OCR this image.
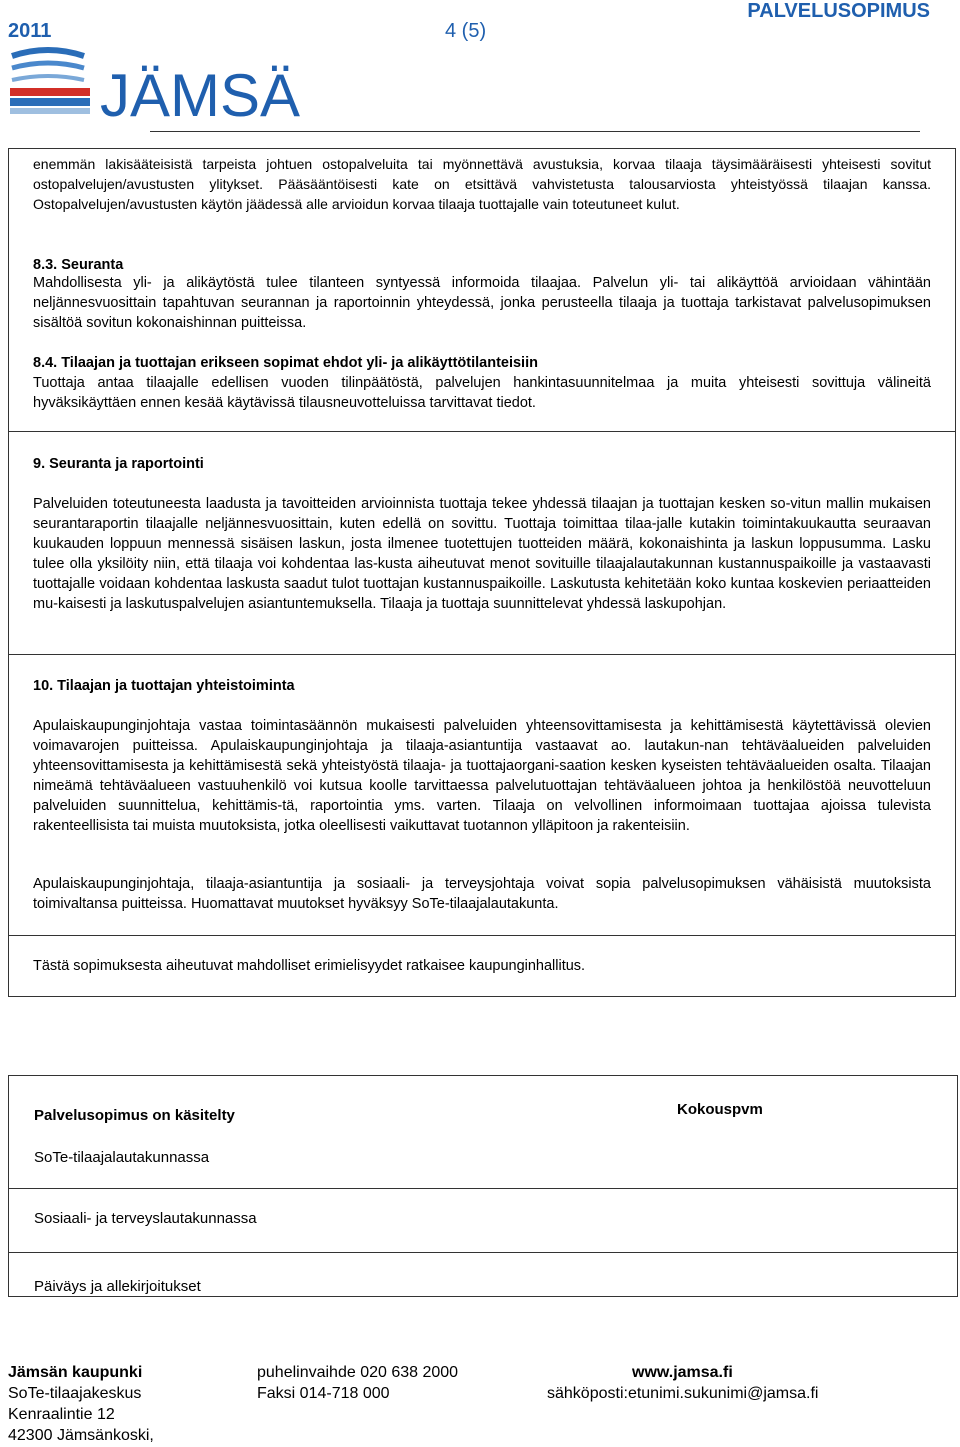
2011	4 (5)
PALVELUSOPIMUS
JÄMSÄ

enemmän lakisääteisistä tarpeista johtuen ostopalveluita tai myönnettävä avustuksia, korvaa tilaaja täysimääräisesti yhteisesti sovitut ostopalvelujen/avustusten ylitykset. Pääsääntöisesti kate on etsittävä vahvistetusta talousarviosta yhteistyössä tilaajan kanssa. Ostopalvelujen/avustusten käytön jäädessä alle arvioidun korvaa tilaaja tuottajalle vain toteutuneet kulut.

8.3. Seuranta

Mahdollisesta yli- ja alikäytöstä tulee tilanteen syntyessä informoida tilaajaa. Palvelun yli- tai alikäyttöä arvioidaan vähintään neljännesvuosittain tapahtuvan seurannan ja raportoinnin yhteydessä, jonka perusteella tilaaja ja tuottaja tarkistavat palvelusopimuksen sisältöä sovitun kokonaishinnan puitteissa.

8.4. Tilaajan ja tuottajan erikseen sopimat ehdot yli- ja alikäyttötilanteisiin

Tuottaja antaa tilaajalle edellisen vuoden tilinpäätöstä, palvelujen hankintasuunnitelmaa ja muita yhteisesti sovittuja välineitä hyväksikäyttäen ennen kesää käytävissä tilausneuvotteluissa tarvittavat tiedot.

9. Seuranta ja raportointi

Palveluiden toteutuneesta laadusta ja tavoitteiden arvioinnista tuottaja tekee yhdessä tilaajan ja tuottajan kesken so-vitun mallin mukaisen seurantaraportin tilaajalle neljännesvuosittain, kuten edellä on sovittu. Tuottaja toimittaa tilaa-jalle kutakin toimintakuukautta seuraavan kuukauden loppuun mennessä sisäisen laskun, josta ilmenee tuotettujen tuotteiden määrä, kokonaishinta ja laskun loppusumma. Lasku tulee olla yksilöity niin, että tilaaja voi kohdentaa las-kusta aiheutuvat menot sovituille tilaajalautakunnan kustannuspaikoille ja vastaavasti tuottajalle voidaan kohdentaa laskusta saadut tulot tuottajan kustannuspaikoille. Laskutusta kehitetään koko kuntaa koskevien periaatteiden mu-kaisesti ja laskutuspalvelujen asiantuntemuksella. Tilaaja ja tuottaja suunnittelevat yhdessä laskupohjan.

10. Tilaajan ja tuottajan yhteistoiminta

Apulaiskaupunginjohtaja vastaa toimintasäännön mukaisesti palveluiden yhteensovittamisesta ja kehittämisestä käytettävissä olevien voimavarojen puitteissa. Apulaiskaupunginjohtaja ja tilaaja-asiantuntija vastaavat ao. lautakun-nan tehtäväalueiden palveluiden yhteensovittamisesta ja kehittämisestä sekä yhteistyöstä tilaaja- ja tuottajaorgani-saation kesken kyseisten tehtäväalueiden osalta. Tilaajan nimeämä tehtäväalueen vastuuhenkilö voi kutsua koolle tarvittaessa palvelutuottajan tehtäväalueen johtoa ja henkilöstöä neuvotteluun palveluiden suunnittelua, kehittämis-tä, raportointia yms. varten. Tilaaja on velvollinen informoimaan tuottajaa ajoissa tulevista rakenteellisista tai muista muutoksista, jotka oleellisesti vaikuttavat tuotannon ylläpitoon ja rakenteisiin.

Apulaiskaupunginjohtaja, tilaaja-asiantuntija ja sosiaali- ja terveysjohtaja voivat sopia palvelusopimuksen vähäisistä muutoksista toimivaltansa puitteissa. Huomattavat muutokset hyväksyy SoTe-tilaajalautakunta.

Tästä sopimuksesta aiheutuvat mahdolliset erimielisyydet ratkaisee kaupunginhallitus.

Palvelusopimus on käsitelty	Kokouspvm
SoTe-tilaajalautakunnassa
Sosiaali- ja terveyslautakunnassa
Päiväys ja allekirjoitukset
Jämsän kaupunki
SoTe-tilaajakeskus
Kenraalintie 12
42300 Jämsänkoski,
puhelinvaihde 020 638 2000
Faksi 014-718 000
www.jamsa.fi
sähköposti:etunimi.sukunimi@jamsa.fi
